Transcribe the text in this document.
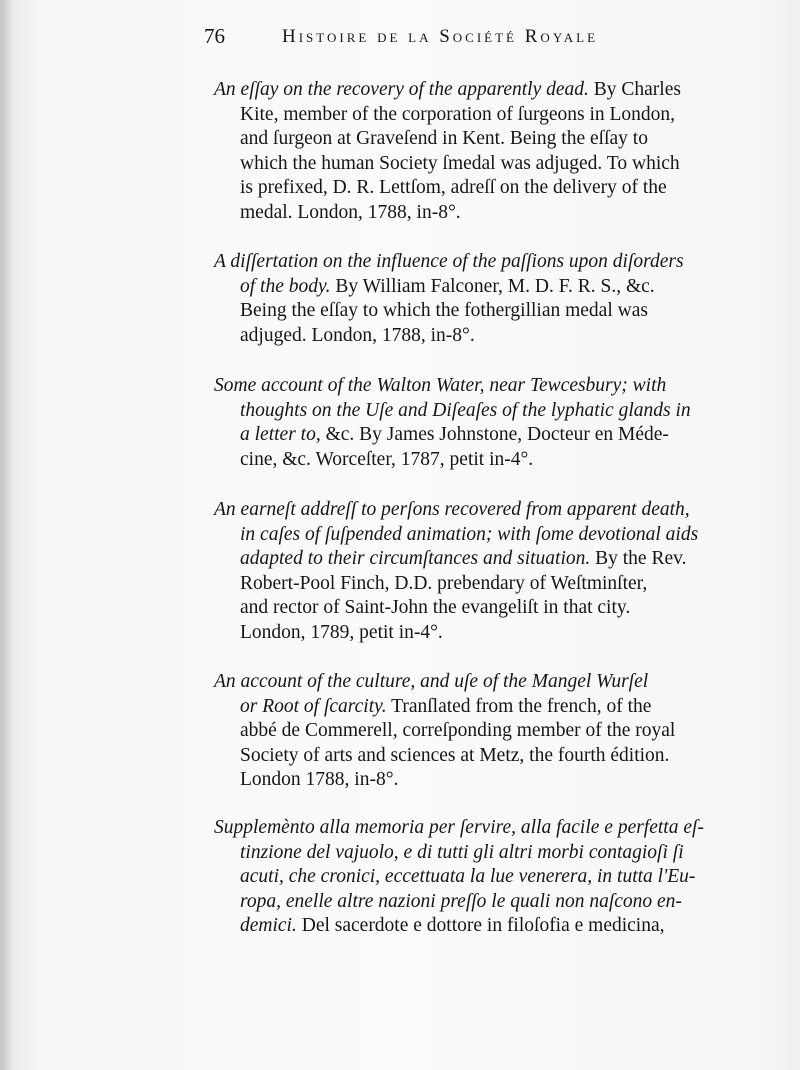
76	Histoire de la Société Royale
An eſſay on the recovery of the apparently dead. By Charles
Kite, member of the corporation of ſurgeons in London,
and ſurgeon at Graveſend in Kent. Being the eſſay to
which the human Society ſmedal was adjuged. To which
is prefixed, D. R. Lettſom, adreſſ on the delivery of the
medal. London, 1788, in-8°.
A diſſertation on the influence of the paſſions upon diſorders
of the body. By William Falconer, M. D. F. R. S., &c.
Being the eſſay to which the fothergillian medal was
adjuged. London, 1788, in-8°.
Some account of the Walton Water, near Tewcesbury; with
thoughts on the Uſe and Diſeaſes of the lyphatic glands in
a letter to, &c. By James Johnstone, Docteur en Méde-
cine, &c. Worceſter, 1787, petit in-4°.
An earneſt addreſſ to perſons recovered from apparent death,
in caſes of ſuſpended animation; with ſome devotional aids
adapted to their circumſtances and situation. By the Rev.
Robert-Pool Finch, D.D. prebendary of Weſtminſter,
and rector of Saint-John the evangeliſt in that city.
London, 1789, petit in-4°.
An account of the culture, and uſe of the Mangel Wurſel
or Root of ſcarcity. Tranſlated from the french, of the
abbé de Commerell, correſponding member of the royal
Society of arts and sciences at Metz, the fourth édition.
London 1788, in-8°.
Supplemènto alla memoria per ſervire, alla facile e perfetta eſ-
tinzione del vajuolo, e di tutti gli altri morbi contagioſi ſi
acuti, che cronici, eccettuata la lue venerera, in tutta l'Eu-
ropa, enelle altre nazioni preſſo le quali non naſcono en-
demici. Del sacerdote e dottore in filoſofia e medicina,
